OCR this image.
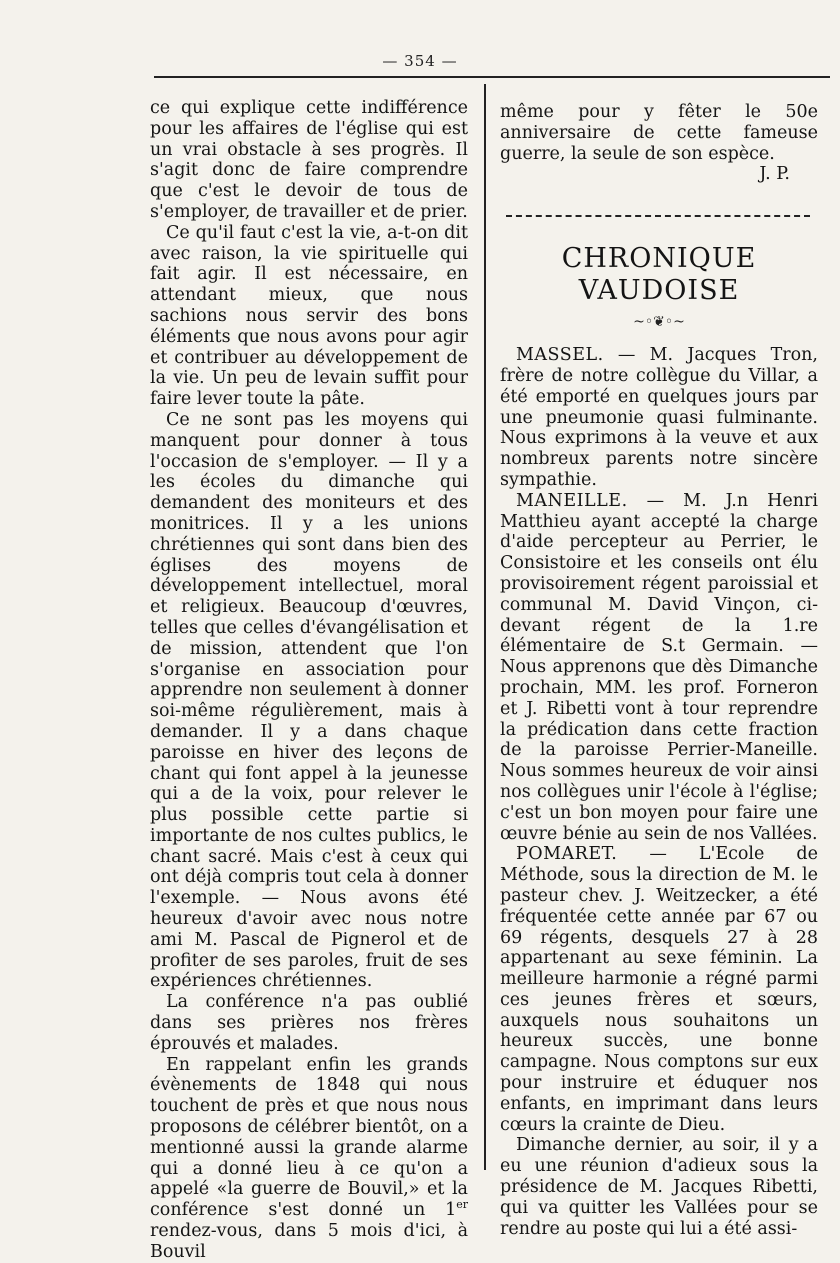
— 354 —

ce qui explique cette indifférence pour les affaires de l'église qui est un vrai obstacle à ses progrès. Il s'agit donc de faire comprendre que c'est le devoir de tous de s'employer, de travailler et de prier.

Ce qu'il faut c'est la vie, a-t-on dit avec raison, la vie spirituelle qui fait agir. Il est nécessaire, en attendant mieux, que nous sachions nous servir des bons éléments que nous avons pour agir et contribuer au développement de la vie. Un peu de levain suffit pour faire lever toute la pâte.

Ce ne sont pas les moyens qui manquent pour donner à tous l'occasion de s'employer. — Il y a les écoles du dimanche qui demandent des moniteurs et des monitrices. Il y a les unions chrétiennes qui sont dans bien des églises des moyens de développement intellectuel, moral et religieux. Beaucoup d'œuvres, telles que celles d'évangélisation et de mission, attendent que l'on s'organise en association pour apprendre non seulement à donner soi-même régulièrement, mais à demander. Il y a dans chaque paroisse en hiver des leçons de chant qui font appel à la jeunesse qui a de la voix, pour relever le plus possible cette partie si importante de nos cultes publics, le chant sacré. Mais c'est à ceux qui ont déjà compris tout cela à donner l'exemple. — Nous avons été heureux d'avoir avec nous notre ami M. Pascal de Pignerol et de profiter de ses paroles, fruit de ses expériences chrétiennes.

La conférence n'a pas oublié dans ses prières nos frères éprouvés et malades.

En rappelant enfin les grands évènements de 1848 qui nous touchent de près et que nous nous proposons de célébrer bientôt, on a mentionné aussi la grande alarme qui a donné lieu à ce qu'on a appelé «la guerre de Bouvil,» et la conférence s'est donné un 1er rendez-vous, dans 5 mois d'ici, à Bouvil

même pour y fêter le 50e anniversaire de cette fameuse guerre, la seule de son espèce.

J. P.

CHRONIQUE VAUDOISE
~◦❦◦~

MASSEL. — M. Jacques Tron, frère de notre collègue du Villar, a été emporté en quelques jours par une pneumonie quasi fulminante. Nous exprimons à la veuve et aux nombreux parents notre sincère sympathie.

MANEILLE. — M. J.n Henri Matthieu ayant accepté la charge d'aide percepteur au Perrier, le Consistoire et les conseils ont élu provisoirement régent paroissial et communal M. David Vinçon, ci-devant régent de la 1.re élémentaire de S.t Germain. — Nous apprenons que dès Dimanche prochain, MM. les prof. Forneron et J. Ribetti vont à tour reprendre la prédication dans cette fraction de la paroisse Perrier-Maneille. Nous sommes heureux de voir ainsi nos collègues unir l'école à l'église; c'est un bon moyen pour faire une œuvre bénie au sein de nos Vallées.

POMARET. — L'Ecole de Méthode, sous la direction de M. le pasteur chev. J. Weitzecker, a été fréquentée cette année par 67 ou 69 régents, desquels 27 à 28 appartenant au sexe féminin. La meilleure harmonie a régné parmi ces jeunes frères et sœurs, auxquels nous souhaitons un heureux succès, une bonne campagne. Nous comptons sur eux pour instruire et éduquer nos enfants, en imprimant dans leurs cœurs la crainte de Dieu.

Dimanche dernier, au soir, il y a eu une réunion d'adieux sous la présidence de M. Jacques Ribetti, qui va quitter les Vallées pour se rendre au poste qui lui a été assi-
